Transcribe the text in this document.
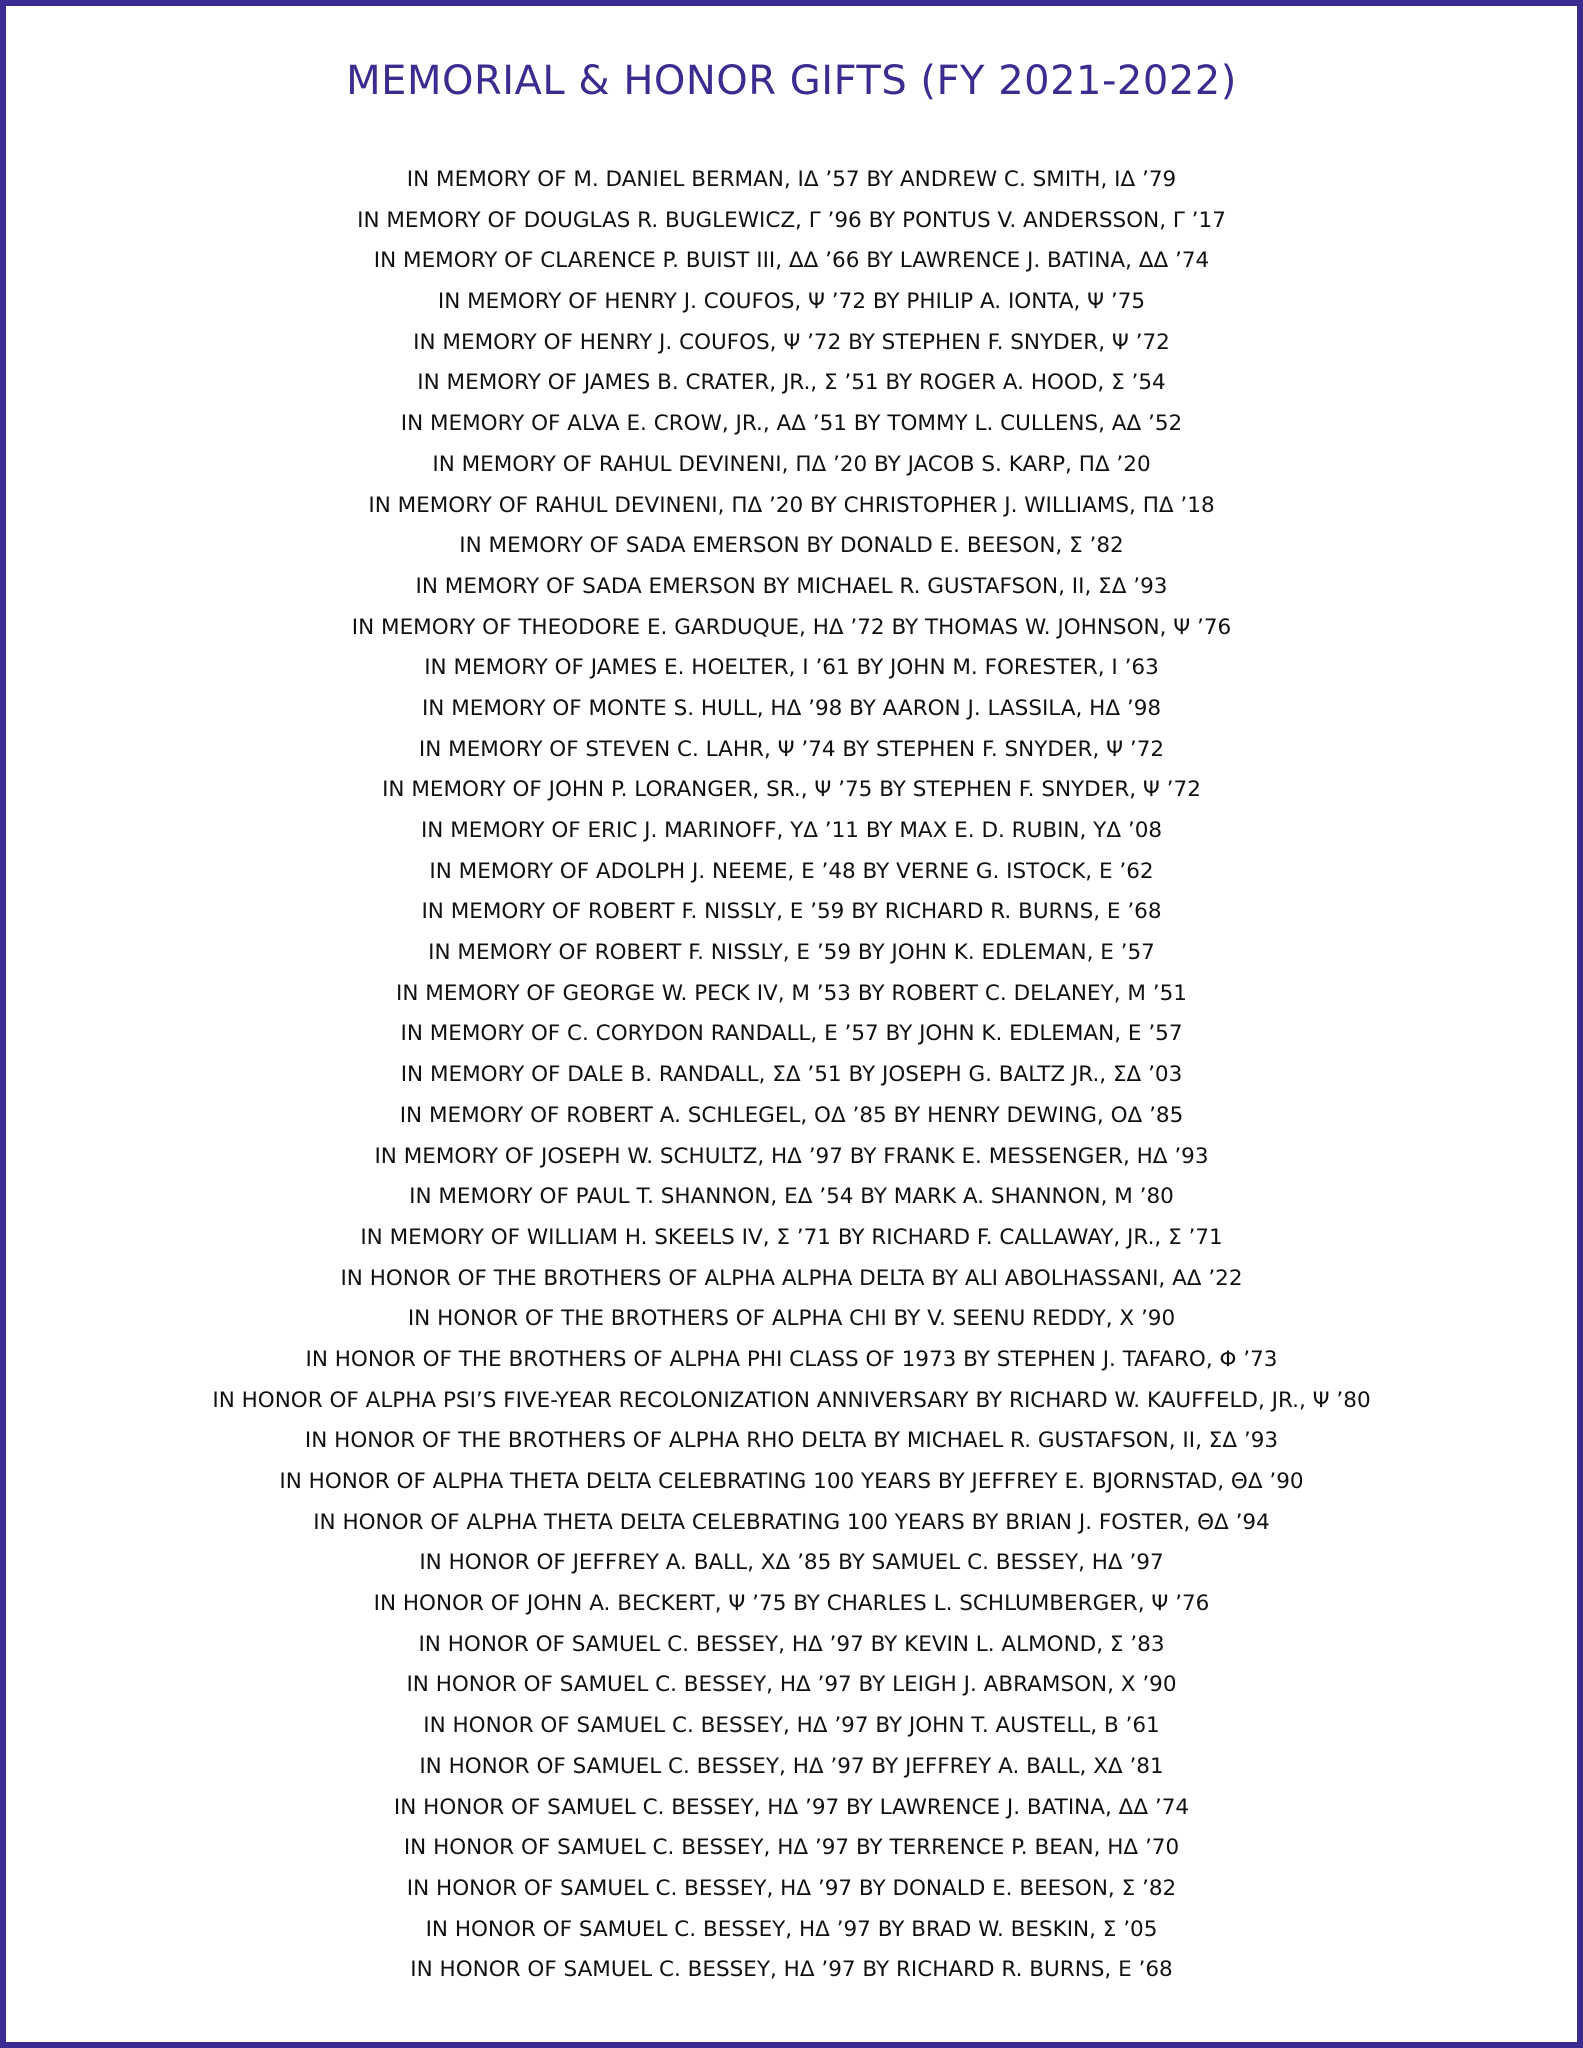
MEMORIAL & HONOR GIFTS (FY 2021-2022)
IN MEMORY OF M. DANIEL BERMAN, IΔ ’57 BY ANDREW C. SMITH, IΔ ’79
IN MEMORY OF DOUGLAS R. BUGLEWICZ, Γ ’96 BY PONTUS V. ANDERSSON, Γ ’17
IN MEMORY OF CLARENCE P. BUIST III, ΔΔ ’66 BY LAWRENCE J. BATINA, ΔΔ ’74
IN MEMORY OF HENRY J. COUFOS, Ψ ’72 BY PHILIP A. IONTA, Ψ ’75
IN MEMORY OF HENRY J. COUFOS, Ψ ’72 BY STEPHEN F. SNYDER, Ψ ’72
IN MEMORY OF JAMES B. CRATER, JR., Σ ’51 BY ROGER A. HOOD, Σ ’54
IN MEMORY OF ALVA E. CROW, JR., AΔ ’51 BY TOMMY L. CULLENS, AΔ ’52
IN MEMORY OF RAHUL DEVINENI, ΠΔ ’20 BY JACOB S. KARP, ΠΔ ’20
IN MEMORY OF RAHUL DEVINENI, ΠΔ ’20 BY CHRISTOPHER J. WILLIAMS, ΠΔ ’18
IN MEMORY OF SADA EMERSON BY DONALD E. BEESON, Σ ’82
IN MEMORY OF SADA EMERSON BY MICHAEL R. GUSTAFSON, II, ΣΔ ’93
IN MEMORY OF THEODORE E. GARDUQUE, HΔ ’72 BY THOMAS W. JOHNSON, Ψ ’76
IN MEMORY OF JAMES E. HOELTER, I ’61 BY JOHN M. FORESTER, I ’63
IN MEMORY OF MONTE S. HULL, HΔ ’98 BY AARON J. LASSILA, HΔ ’98
IN MEMORY OF STEVEN C. LAHR, Ψ ’74 BY STEPHEN F. SNYDER, Ψ ’72
IN MEMORY OF JOHN P. LORANGER, SR., Ψ ’75 BY STEPHEN F. SNYDER, Ψ ’72
IN MEMORY OF ERIC J. MARINOFF, YΔ ’11 BY MAX E. D. RUBIN, YΔ ’08
IN MEMORY OF ADOLPH J. NEEME, E ’48 BY VERNE G. ISTOCK, E ’62
IN MEMORY OF ROBERT F. NISSLY, E ’59 BY RICHARD R. BURNS, E ’68
IN MEMORY OF ROBERT F. NISSLY, E ’59 BY JOHN K. EDLEMAN, E ’57
IN MEMORY OF GEORGE W. PECK IV, M ’53 BY ROBERT C. DELANEY, M ’51
IN MEMORY OF C. CORYDON RANDALL, E ’57 BY JOHN K. EDLEMAN, E ’57
IN MEMORY OF DALE B. RANDALL, ΣΔ ’51 BY JOSEPH G. BALTZ JR., ΣΔ ’03
IN MEMORY OF ROBERT A. SCHLEGEL, OΔ ’85 BY HENRY DEWING, OΔ ’85
IN MEMORY OF JOSEPH W. SCHULTZ, HΔ ’97 BY FRANK E. MESSENGER, HΔ ’93
IN MEMORY OF PAUL T. SHANNON, EΔ ’54 BY MARK A. SHANNON, M ’80
IN MEMORY OF WILLIAM H. SKEELS IV, Σ ’71 BY RICHARD F. CALLAWAY, JR., Σ ’71
IN HONOR OF THE BROTHERS OF ALPHA ALPHA DELTA BY ALI ABOLHASSANI, AΔ ’22
IN HONOR OF THE BROTHERS OF ALPHA CHI BY V. SEENU REDDY, X ’90
IN HONOR OF THE BROTHERS OF ALPHA PHI CLASS OF 1973 BY STEPHEN J. TAFARO, Φ ’73
IN HONOR OF ALPHA PSI’S FIVE-YEAR RECOLONIZATION ANNIVERSARY BY RICHARD W. KAUFFELD, JR., Ψ ’80
IN HONOR OF THE BROTHERS OF ALPHA RHO DELTA BY MICHAEL R. GUSTAFSON, II, ΣΔ ’93
IN HONOR OF ALPHA THETA DELTA CELEBRATING 100 YEARS BY JEFFREY E. BJORNSTAD, ΘΔ ’90
IN HONOR OF ALPHA THETA DELTA CELEBRATING 100 YEARS BY BRIAN J. FOSTER, ΘΔ ’94
IN HONOR OF JEFFREY A. BALL, XΔ ’85 BY SAMUEL C. BESSEY, HΔ ’97
IN HONOR OF JOHN A. BECKERT, Ψ ’75 BY CHARLES L. SCHLUMBERGER, Ψ ’76
IN HONOR OF SAMUEL C. BESSEY, HΔ ’97 BY KEVIN L. ALMOND, Σ ’83
IN HONOR OF SAMUEL C. BESSEY, HΔ ’97 BY LEIGH J. ABRAMSON, X ’90
IN HONOR OF SAMUEL C. BESSEY, HΔ ’97 BY JOHN T. AUSTELL, B ’61
IN HONOR OF SAMUEL C. BESSEY, HΔ ’97 BY JEFFREY A. BALL, XΔ ’81
IN HONOR OF SAMUEL C. BESSEY, HΔ ’97 BY LAWRENCE J. BATINA, ΔΔ ’74
IN HONOR OF SAMUEL C. BESSEY, HΔ ’97 BY TERRENCE P. BEAN, HΔ ’70
IN HONOR OF SAMUEL C. BESSEY, HΔ ’97 BY DONALD E. BEESON, Σ ’82
IN HONOR OF SAMUEL C. BESSEY, HΔ ’97 BY BRAD W. BESKIN, Σ ’05
IN HONOR OF SAMUEL C. BESSEY, HΔ ’97 BY RICHARD R. BURNS, E ’68
